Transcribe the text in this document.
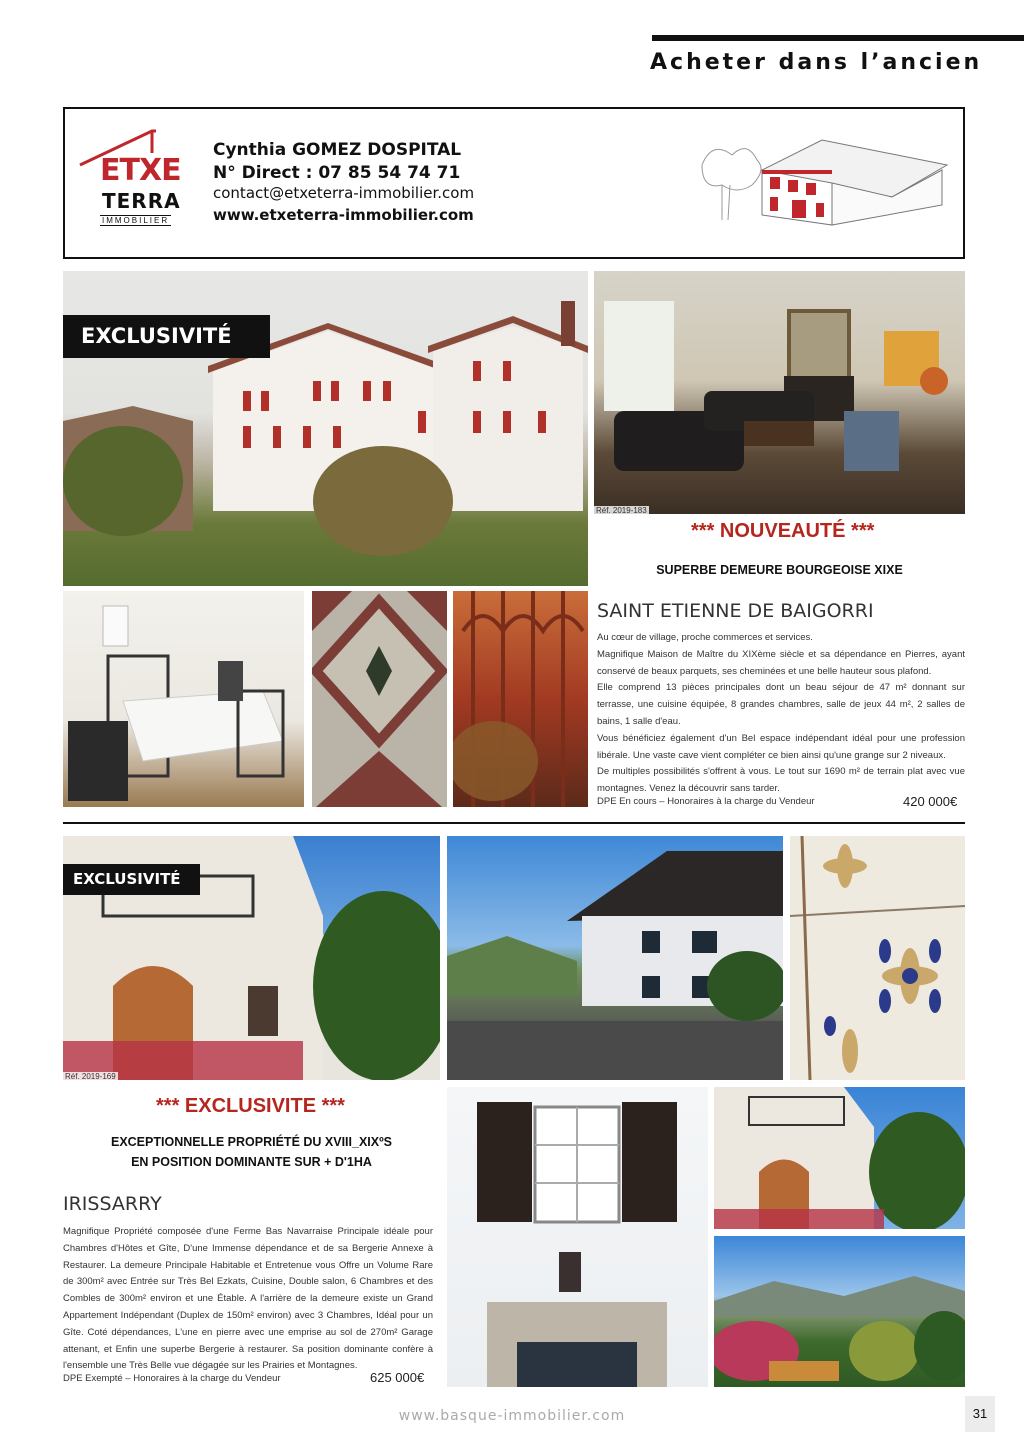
Acheter dans l’ancien
ETXE
TERRA
IMMOBILIER
Cynthia GOMEZ DOSPITAL
N° Direct : 07 85 54 74 71
contact@etxeterra-immobilier.com
www.etxeterra-immobilier.com
EXCLUSIVITÉ
Réf. 2019-183
*** NOUVEAUTÉ ***
SUPERBE DEMEURE BOURGEOISE XIXE
SAINT ETIENNE DE BAIGORRI

Au cœur de village, proche commerces et services.

Magnifique Maison de Maître du XIXème siècle et sa dépendance en Pierres, ayant conservé de beaux parquets, ses cheminées et une belle hauteur sous plafond.

Elle comprend 13 pièces principales dont un beau séjour de 47 m² donnant sur terrasse, une cuisine équipée, 8 grandes chambres, salle de jeux 44 m², 2 salles de bains, 1 salle d'eau.

Vous bénéficiez également d'un Bel espace indépendant idéal pour une profession libérale. Une vaste cave vient compléter ce bien ainsi qu'une grange sur 2 niveaux.

De multiples possibilités s'offrent à vous. Le tout sur 1690 m² de terrain plat avec vue montagnes. Venez la découvrir sans tarder.

DPE En cours – Honoraires à la charge du Vendeur	420 000€
EXCLUSIVITÉ
Réf. 2019-169
*** EXCLUSIVITE ***
EXCEPTIONNELLE PROPRIÉTÉ DU XVIII_XIXºS
EN POSITION DOMINANTE SUR + D'1HA
IRISSARRY
Magnifique Propriété composée d'une Ferme Bas Navarraise Principale idéale pour Chambres d'Hôtes et Gîte, D'une Immense dépendance et de sa Bergerie Annexe à Restaurer. La demeure Principale Habitable et Entretenue vous Offre un Volume Rare de 300m² avec Entrée sur Très Bel Ezkats, Cuisine, Double salon, 6 Chambres et des Combles de 300m² environ et une Étable. A l'arrière de la demeure existe un Grand Appartement Indépendant (Duplex de 150m² environ) avec 3 Chambres, Idéal pour un Gîte. Coté dépendances, L'une en pierre avec une emprise au sol de 270m² Garage attenant, et Enfin une superbe Bergerie à restaurer. Sa position dominante confère à l'ensemble une Très Belle vue dégagée sur les Prairies et Montagnes.
DPE Exempté – Honoraires à la charge du Vendeur	625 000€
www.basque-immobilier.com	31
